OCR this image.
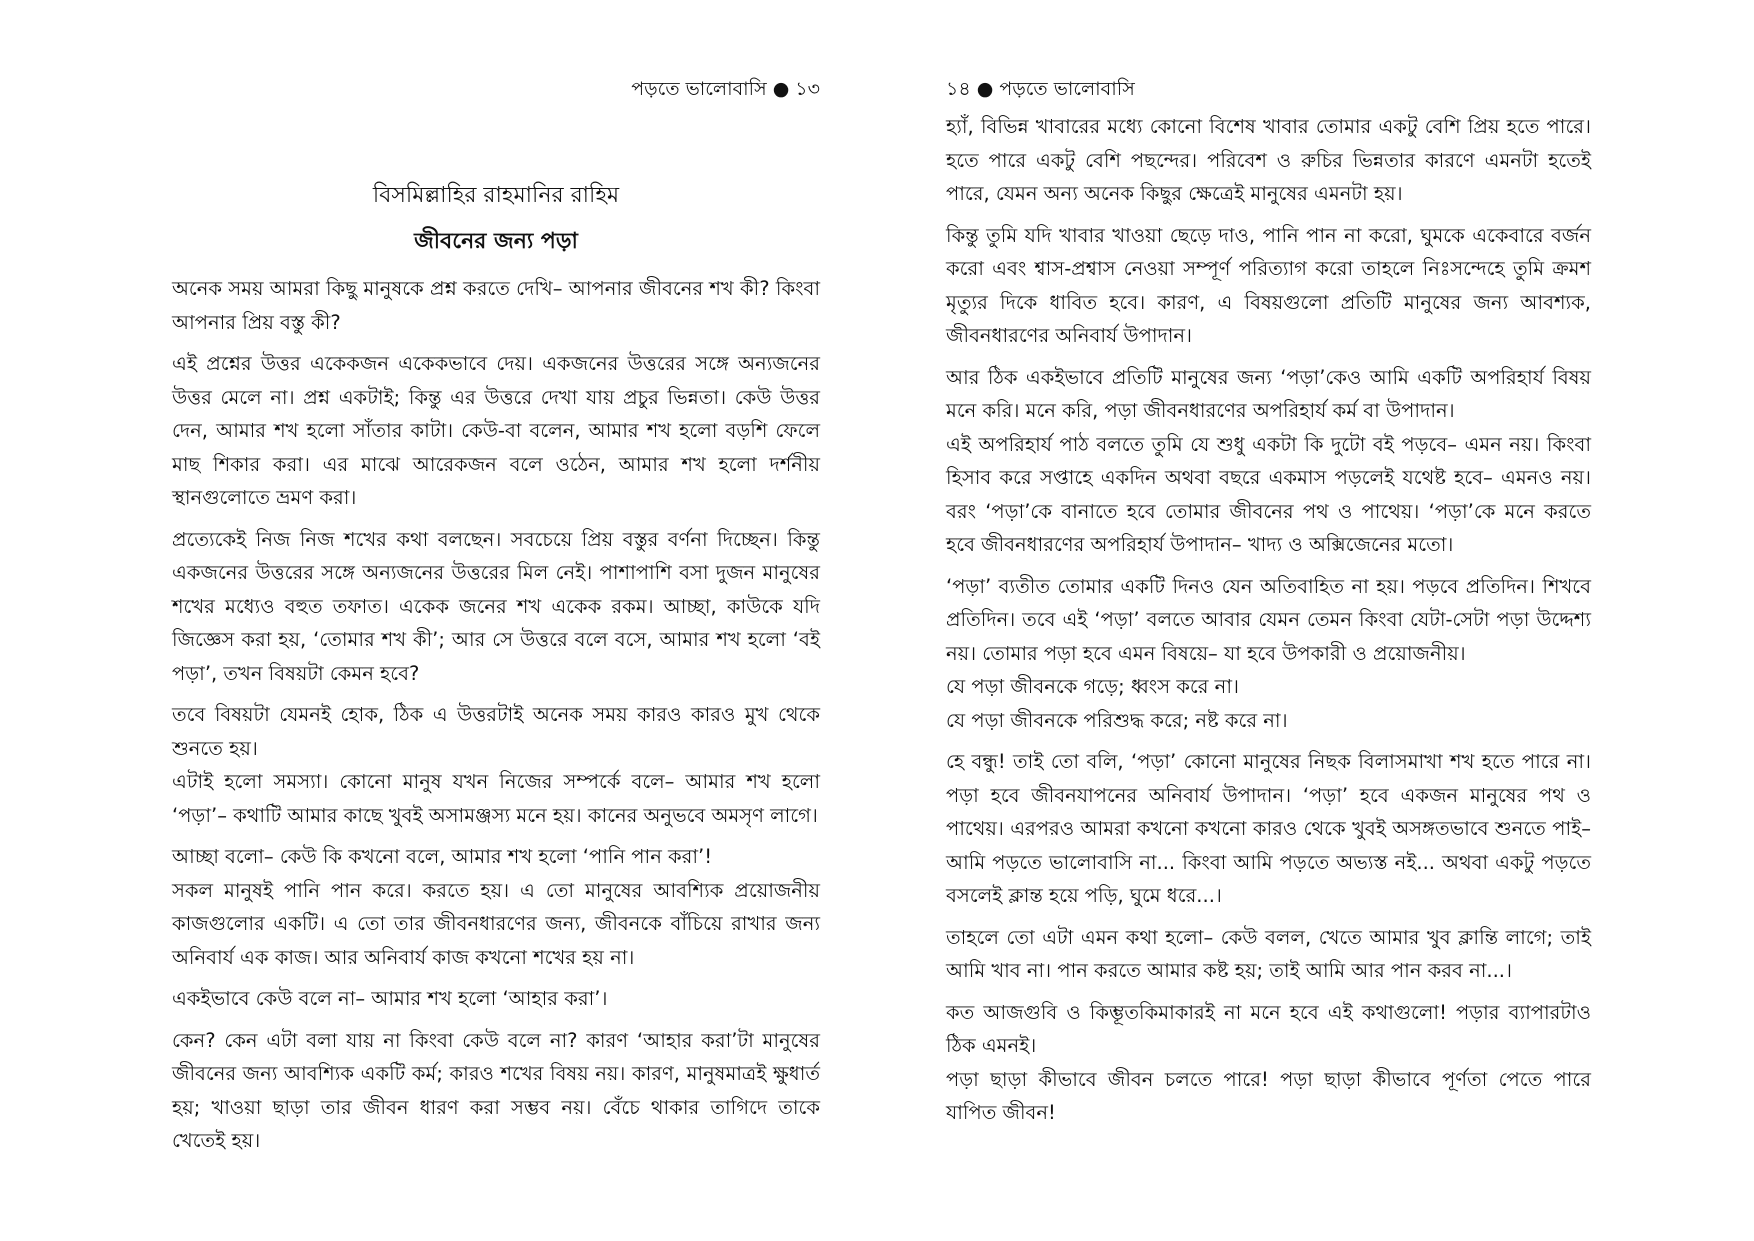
পড়তে ভালোবাসি ● ১৩
বিসমিল্লাহির রাহমানির রাহিম
জীবনের জন্য পড়া

অনেক সময় আমরা কিছু মানুষকে প্রশ্ন করতে দেখি– আপনার জীবনের শখ কী? কিংবা আপনার প্রিয় বস্তু কী?

এই প্রশ্নের উত্তর একেকজন একেকভাবে দেয়। একজনের উত্তরের সঙ্গে অন্যজনের উত্তর মেলে না। প্রশ্ন একটাই; কিন্তু এর উত্তরে দেখা যায় প্রচুর ভিন্নতা। কেউ উত্তর দেন, আমার শখ হলো সাঁতার কাটা। কেউ-বা বলেন, আমার শখ হলো বড়শি ফেলে মাছ শিকার করা। এর মাঝে আরেকজন বলে ওঠেন, আমার শখ হলো দর্শনীয় স্থানগুলোতে ভ্রমণ করা।

প্রত্যেকেই নিজ নিজ শখের কথা বলছেন। সবচেয়ে প্রিয় বস্তুর বর্ণনা দিচ্ছেন। কিন্তু একজনের উত্তরের সঙ্গে অন্যজনের উত্তরের মিল নেই। পাশাপাশি বসা দুজন মানুষের শখের মধ্যেও বহুত তফাত। একেক জনের শখ একেক রকম। আচ্ছা, কাউকে যদি জিজ্ঞেস করা হয়, ‘তোমার শখ কী’; আর সে উত্তরে বলে বসে, আমার শখ হলো ‘বই পড়া’, তখন বিষয়টা কেমন হবে?

তবে বিষয়টা যেমনই হোক, ঠিক এ উত্তরটাই অনেক সময় কারও কারও মুখ থেকে শুনতে হয়।

এটাই হলো সমস্যা। কোনো মানুষ যখন নিজের সম্পর্কে বলে– আমার শখ হলো ‘পড়া’– কথাটি আমার কাছে খুবই অসামঞ্জস্য মনে হয়। কানের অনুভবে অমসৃণ লাগে।

আচ্ছা বলো– কেউ কি কখনো বলে, আমার শখ হলো ‘পানি পান করা’!

সকল মানুষই পানি পান করে। করতে হয়। এ তো মানুষের আবশ্যিক প্রয়োজনীয় কাজগুলোর একটি। এ তো তার জীবনধারণের জন্য, জীবনকে বাঁচিয়ে রাখার জন্য অনিবার্য এক কাজ। আর অনিবার্য কাজ কখনো শখের হয় না।

একইভাবে কেউ বলে না– আমার শখ হলো ‘আহার করা’।

কেন? কেন এটা বলা যায় না কিংবা কেউ বলে না? কারণ ‘আহার করা’টা মানুষের জীবনের জন্য আবশ্যিক একটি কর্ম; কারও শখের বিষয় নয়। কারণ, মানুষমাত্রই ক্ষুধার্ত হয়; খাওয়া ছাড়া তার জীবন ধারণ করা সম্ভব নয়। বেঁচে থাকার তাগিদে তাকে খেতেই হয়।

১৪ ● পড়তে ভালোবাসি

হ্যাঁ, বিভিন্ন খাবারের মধ্যে কোনো বিশেষ খাবার তোমার একটু বেশি প্রিয় হতে পারে। হতে পারে একটু বেশি পছন্দের। পরিবেশ ও রুচির ভিন্নতার কারণে এমনটা হতেই পারে, যেমন অন্য অনেক কিছুর ক্ষেত্রেই মানুষের এমনটা হয়।

কিন্তু তুমি যদি খাবার খাওয়া ছেড়ে দাও, পানি পান না করো, ঘুমকে একেবারে বর্জন করো এবং শ্বাস-প্রশ্বাস নেওয়া সম্পূর্ণ পরিত্যাগ করো তাহলে নিঃসন্দেহে তুমি ক্রমশ মৃত্যুর দিকে ধাবিত হবে। কারণ, এ বিষয়গুলো প্রতিটি মানুষের জন্য আবশ্যক, জীবনধারণের অনিবার্য উপাদান।

আর ঠিক একইভাবে প্রতিটি মানুষের জন্য ‘পড়া’কেও আমি একটি অপরিহার্য বিষয় মনে করি। মনে করি, পড়া জীবনধারণের অপরিহার্য কর্ম বা উপাদান।

এই অপরিহার্য পাঠ বলতে তুমি যে শুধু একটা কি দুটো বই পড়বে– এমন নয়। কিংবা হিসাব করে সপ্তাহে একদিন অথবা বছরে একমাস পড়লেই যথেষ্ট হবে– এমনও নয়। বরং ‘পড়া’কে বানাতে হবে তোমার জীবনের পথ ও পাথেয়। ‘পড়া’কে মনে করতে হবে জীবনধারণের অপরিহার্য উপাদান– খাদ্য ও অক্সিজেনের মতো।

‘পড়া’ ব্যতীত তোমার একটি দিনও যেন অতিবাহিত না হয়। পড়বে প্রতিদিন। শিখবে প্রতিদিন। তবে এই ‘পড়া’ বলতে আবার যেমন তেমন কিংবা যেটা-সেটা পড়া উদ্দেশ্য নয়। তোমার পড়া হবে এমন বিষয়ে– যা হবে উপকারী ও প্রয়োজনীয়।

যে পড়া জীবনকে গড়ে; ধ্বংস করে না।

যে পড়া জীবনকে পরিশুদ্ধ করে; নষ্ট করে না।

হে বন্ধু! তাই তো বলি, ‘পড়া’ কোনো মানুষের নিছক বিলাসমাখা শখ হতে পারে না। পড়া হবে জীবনযাপনের অনিবার্য উপাদান। ‘পড়া’ হবে একজন মানুষের পথ ও পাথেয়। এরপরও আমরা কখনো কখনো কারও থেকে খুবই অসঙ্গতভাবে শুনতে পাই– আমি পড়তে ভালোবাসি না... কিংবা আমি পড়তে অভ্যস্ত নই... অথবা একটু পড়তে বসলেই ক্লান্ত হয়ে পড়ি, ঘুমে ধরে...।

তাহলে তো এটা এমন কথা হলো– কেউ বলল, খেতে আমার খুব ক্লান্তি লাগে; তাই আমি খাব না। পান করতে আমার কষ্ট হয়; তাই আমি আর পান করব না...।

কত আজগুবি ও কিম্ভূতকিমাকারই না মনে হবে এই কথাগুলো! পড়ার ব্যাপারটাও ঠিক এমনই।

পড়া ছাড়া কীভাবে জীবন চলতে পারে! পড়া ছাড়া কীভাবে পূর্ণতা পেতে পারে যাপিত জীবন!
